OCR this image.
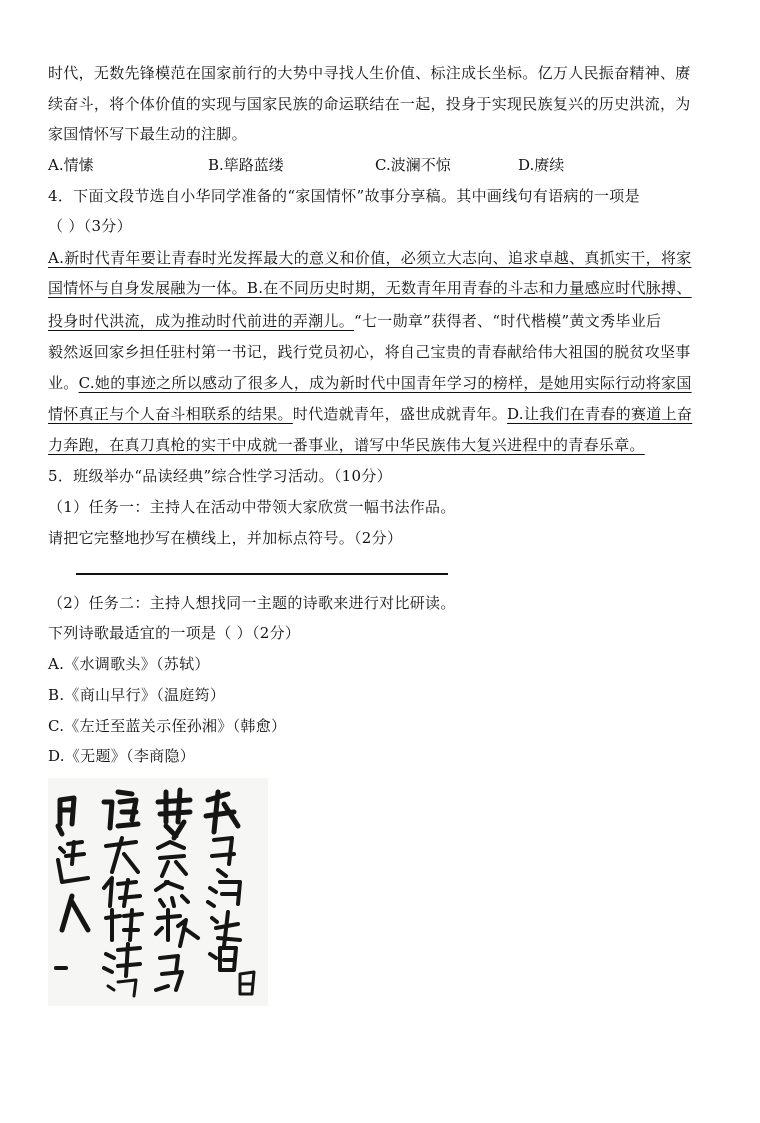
时代，无数先锋模范在国家前行的大势中寻找人生价值、标注成长坐标。亿万人民振奋精神、赓
续奋斗，将个体价值的实现与国家民族的命运联结在一起，投身于实现民族复兴的历史洪流，为
家国情怀写下最生动的注脚。
A.情愫	B.筚路蓝缕	C.波澜不惊	D.赓续
4．下面文段节选自小华同学准备的“家国情怀”故事分享稿。其中画线句有语病的一项是
（ ）（3分）
A.新时代青年要让青春时光发挥最大的意义和价值，必须立大志向、追求卓越、真抓实干，将家
国情怀与自身发展融为一体。B.在不同历史时期，无数青年用青春的斗志和力量感应时代脉搏、
投身时代洪流，成为推动时代前进的弄潮儿。“七一勋章”获得者、“时代楷模”黄文秀毕业后
毅然返回家乡担任驻村第一书记，践行党员初心，将自己宝贵的青春献给伟大祖国的脱贫攻坚事
业。C.她的事迹之所以感动了很多人，成为新时代中国青年学习的榜样，是她用实际行动将家国
情怀真正与个人奋斗相联系的结果。时代造就青年，盛世成就青年。D.让我们在青春的赛道上奋
力奔跑，在真刀真枪的实干中成就一番事业，谱写中华民族伟大复兴进程中的青春乐章。
5．班级举办“品读经典”综合性学习活动。（10分）
（1）任务一：主持人在活动中带领大家欣赏一幅书法作品。
请把它完整地抄写在横线上，并加标点符号。（2分）
（2）任务二：主持人想找同一主题的诗歌来进行对比研读。
下列诗歌最适宜的一项是（ ）（2分）
A.《水调歌头》（苏轼）
B.《商山早行》（温庭筠）
C.《左迁至蓝关示侄孙湘》（韩愈）
D.《无题》（李商隐）
